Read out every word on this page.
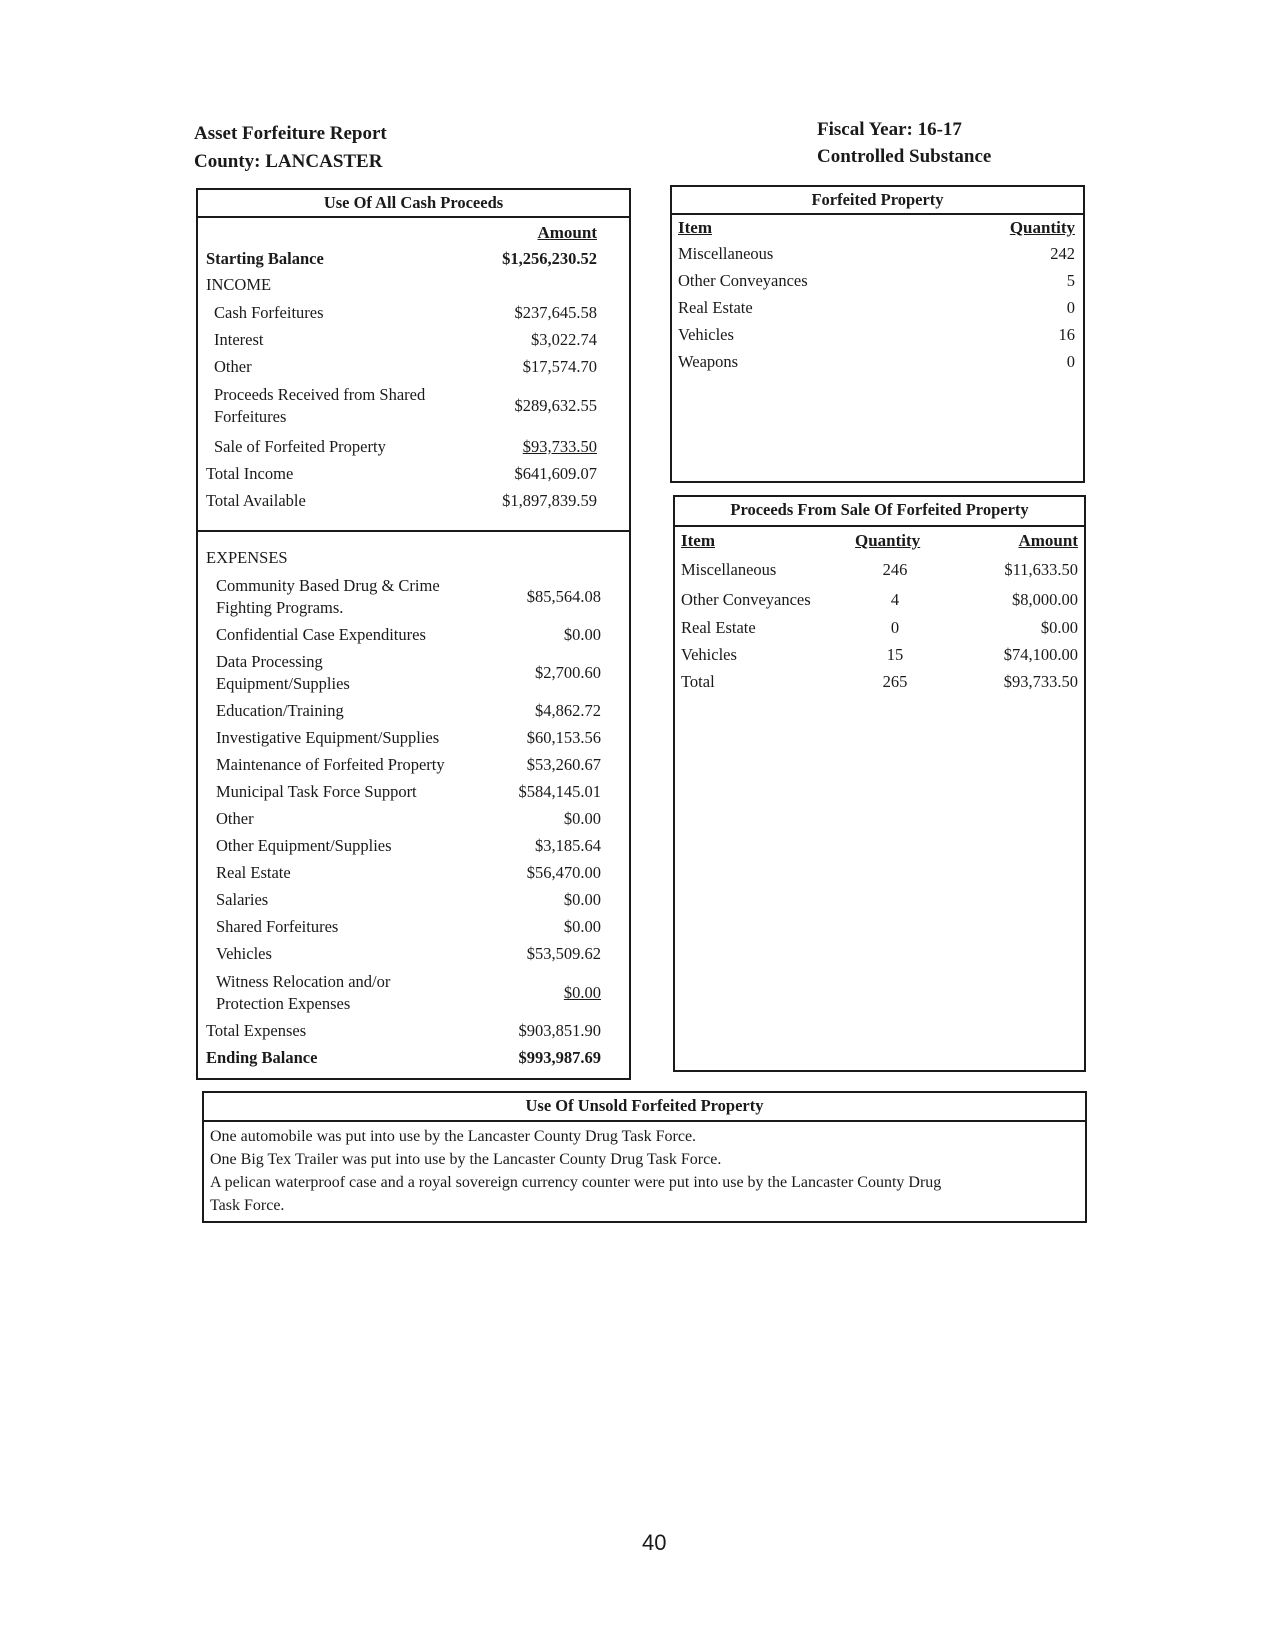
Asset Forfeiture Report
County: LANCASTER
Fiscal Year: 16-17
Controlled Substance
Use Of All Cash Proceeds
Amount
Starting Balance	$1,256,230.52
INCOME
Cash Forfeitures	$237,645.58
Interest	$3,022.74
Other	$17,574.70
Proceeds Received from Shared
Forfeitures
$289,632.55
Sale of Forfeited Property	$93,733.50
Total Income	$641,609.07
Total Available	$1,897,839.59
EXPENSES
Community Based Drug & Crime
Fighting Programs.
$85,564.08
Confidential Case Expenditures	$0.00
Data Processing
Equipment/Supplies
$2,700.60
Education/Training	$4,862.72
Investigative Equipment/Supplies	$60,153.56
Maintenance of Forfeited Property	$53,260.67
Municipal Task Force Support	$584,145.01
Other	$0.00
Other Equipment/Supplies	$3,185.64
Real Estate	$56,470.00
Salaries	$0.00
Shared Forfeitures	$0.00
Vehicles	$53,509.62
Witness Relocation and/or
Protection Expenses
$0.00
Total Expenses	$903,851.90
Ending Balance	$993,987.69
Forfeited Property
Item	Quantity
Miscellaneous	242
Other Conveyances	5
Real Estate	0
Vehicles	16
Weapons	0
Proceeds From Sale Of Forfeited Property
Item	Quantity	Amount
Miscellaneous	246	$11,633.50
Other Conveyances	4	$8,000.00
Real Estate	0	$0.00
Vehicles	15	$74,100.00
Total	265	$93,733.50
Use Of Unsold Forfeited Property
One automobile was put into use by the Lancaster County Drug Task Force.
One Big Tex Trailer was put into use by the Lancaster County Drug Task Force.
A pelican waterproof case and a royal sovereign currency counter were put into use by the Lancaster County Drug
Task Force.
40
